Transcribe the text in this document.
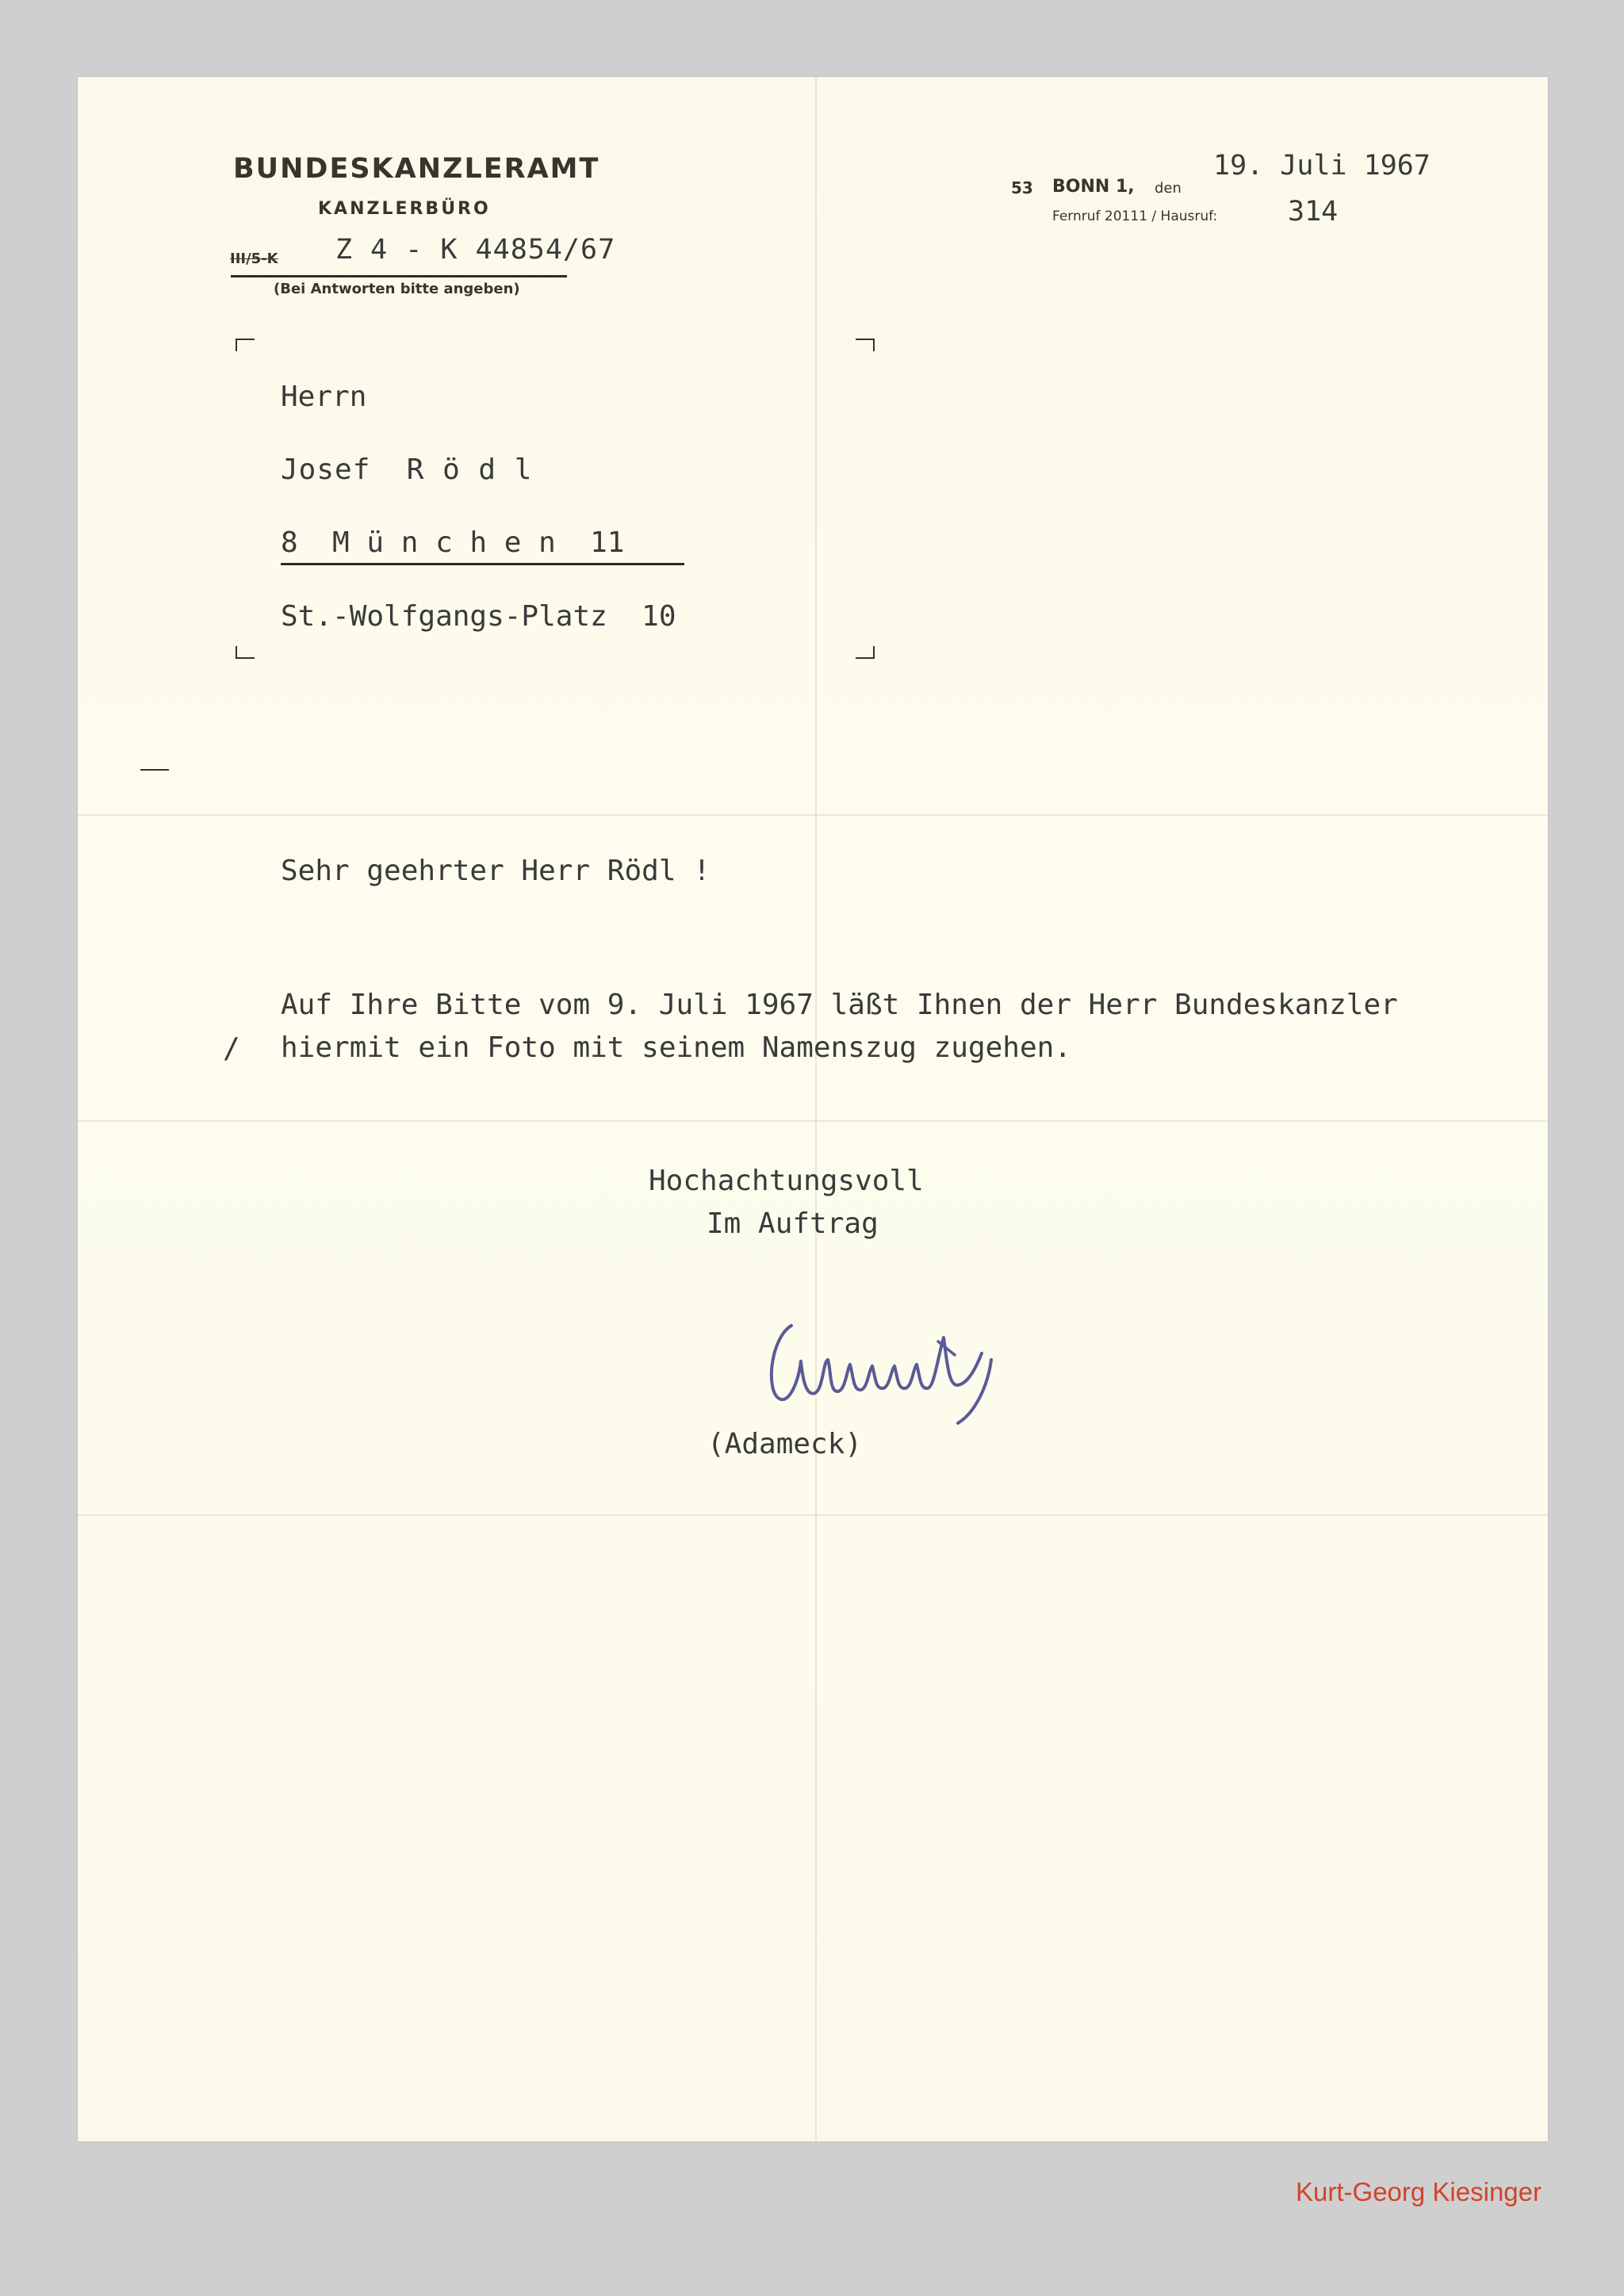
BUNDESKANZLERAMT
KANZLERBÜRO
III/5-K Z 4 - K 44854/67
(Bei Antworten bitte angeben)
53 BONN 1, den
Fernruf 20111 / Hausruf:
19. Juli 1967
314
Herrn
Josef  R ö d l
8  M ü n c h e n  11
St.-Wolfgangs-Platz  10
Sehr geehrter Herr Rödl !
Auf Ihre Bitte vom 9. Juli 1967 läßt Ihnen der Herr Bundeskanzler
/ hiermit ein Foto mit seinem Namenszug zugehen.
Hochachtungsvoll
Im Auftrag
(Adameck)
Kurt-Georg Kiesinger
